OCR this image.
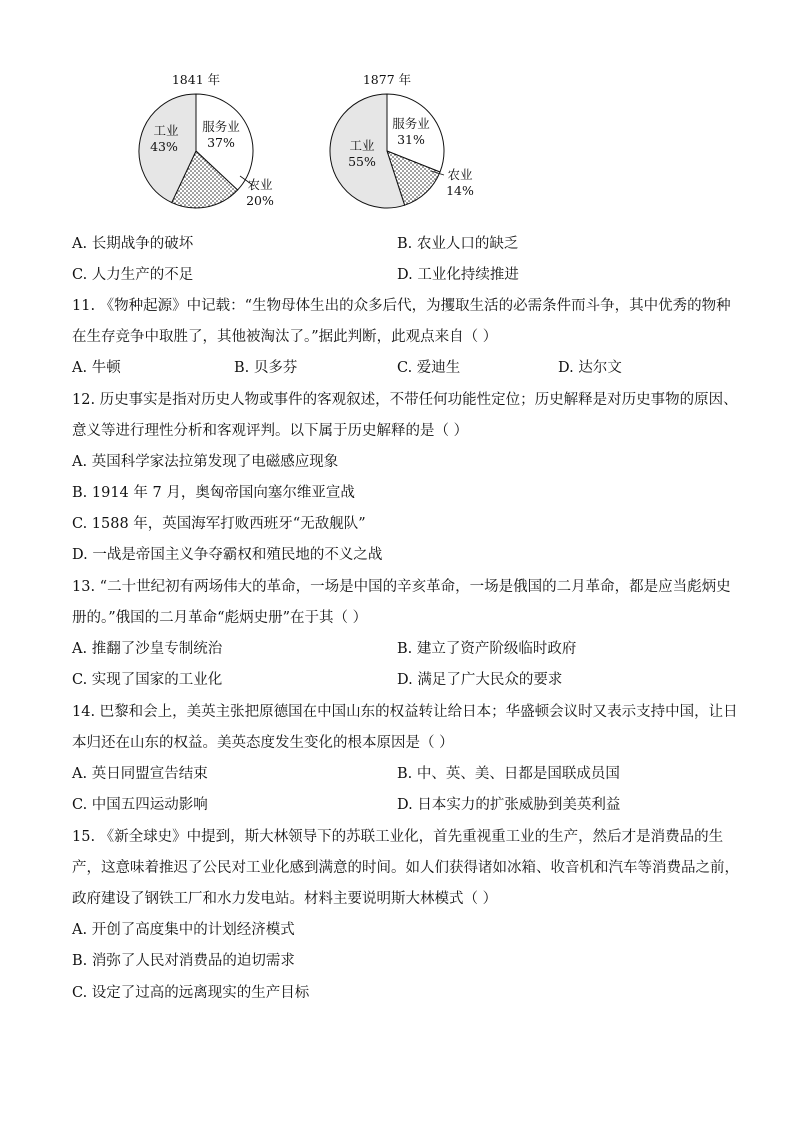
1841 年
服务业
37%
工业
43%
农业
20%
1877 年
服务业
31%
工业
55%
农业
14%
A. 长期战争的破坏	B. 农业人口的缺乏
C. 人力生产的不足	D. 工业化持续推进
11. 《物种起源》中记载：“生物母体生出的众多后代，为攫取生活的必需条件而斗争，其中优秀的物种
在生存竞争中取胜了，其他被淘汰了。”据此判断，此观点来自（ ）
A. 牛顿	B. 贝多芬	C. 爱迪生	D. 达尔文
12. 历史事实是指对历史人物或事件的客观叙述，不带任何功能性定位；历史解释是对历史事物的原因、
意义等进行理性分析和客观评判。以下属于历史解释的是（ ）
A. 英国科学家法拉第发现了电磁感应现象
B. 1914 年 7 月，奥匈帝国向塞尔维亚宣战
C. 1588 年，英国海军打败西班牙“无敌舰队”
D. 一战是帝国主义争夺霸权和殖民地的不义之战
13. “二十世纪初有两场伟大的革命，一场是中国的辛亥革命，一场是俄国的二月革命，都是应当彪炳史
册的。”俄国的二月革命“彪炳史册”在于其（ ）
A. 推翻了沙皇专制统治	B. 建立了资产阶级临时政府
C. 实现了国家的工业化	D. 满足了广大民众的要求
14. 巴黎和会上，美英主张把原德国在中国山东的权益转让给日本；华盛顿会议时又表示支持中国，让日
本归还在山东的权益。美英态度发生变化的根本原因是（ ）
A. 英日同盟宣告结束	B. 中、英、美、日都是国联成员国
C. 中国五四运动影响	D. 日本实力的扩张威胁到美英利益
15. 《新全球史》中提到，斯大林领导下的苏联工业化，首先重视重工业的生产，然后才是消费品的生
产，这意味着推迟了公民对工业化感到满意的时间。如人们获得诸如冰箱、收音机和汽车等消费品之前，
政府建设了钢铁工厂和水力发电站。材料主要说明斯大林模式（ ）
A. 开创了高度集中的计划经济模式
B. 消弥了人民对消费品的迫切需求
C. 设定了过高的远离现实的生产目标
